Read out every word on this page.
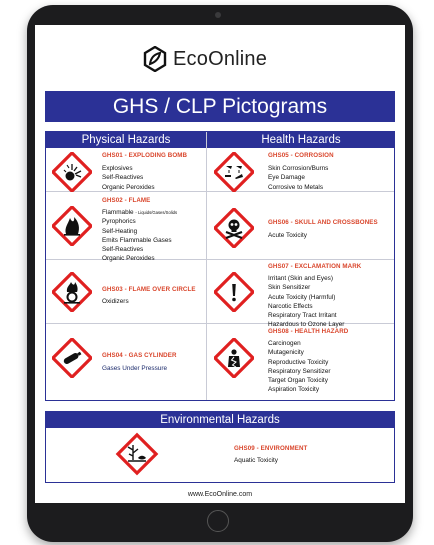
EcoOnline
GHS / CLP Pictograms
Physical Hazards	Health Hazards
GHS01 - EXPLODING BOMB
Explosives
Self-Reactives
Organic Peroxides
GHS02 - FLAME
Flammable - Liquids/Gases/Solids
Pyrophorics
Self-Heating
Emits Flammable Gases
Self-Reactives
Organic Peroxides
GHS03 - FLAME OVER CIRCLE
Oxidizers
GHS04 - GAS CYLINDER
Gases Under Pressure
GHS05 - CORROSION
Skin Corrosion/Burns
Eye Damage
Corrosive to Metals
GHS06 - SKULL AND CROSSBONES
Acute Toxicity
GHS07 - EXCLAMATION MARK
Irritant (Skin and Eyes)
Skin Sensitizer
Acute Toxicity (Harmful)
Narcotic Effects
Respiratory Tract Irritant
Hazardous to Ozone Layer
GHS08 - HEALTH HAZARD
Carcinogen
Mutagenicity
Reproductive Toxicity
Respiratory Sensitizer
Target Organ Toxicity
Aspiration Toxicity
Environmental Hazards
GHS09 - ENVIRONMENT
Aquatic Toxicity
www.EcoOnline.com
